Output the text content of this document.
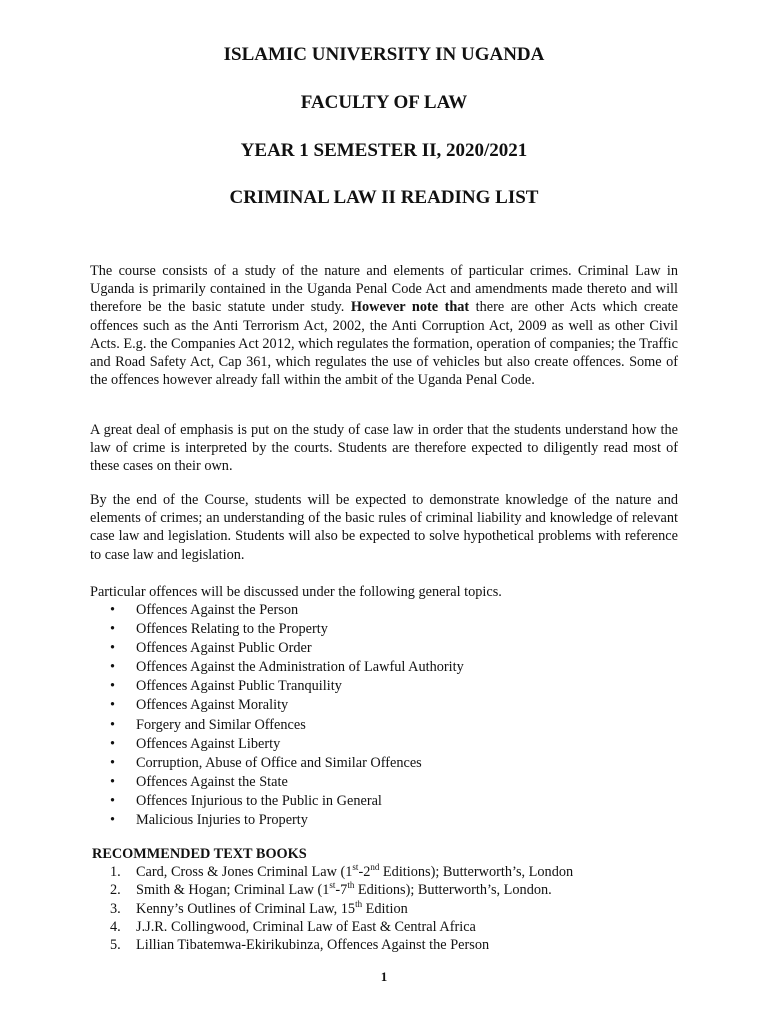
ISLAMIC UNIVERSITY IN UGANDA
FACULTY OF LAW
YEAR 1 SEMESTER II, 2020/2021
CRIMINAL LAW II READING LIST

The course consists of a study of the nature and elements of particular crimes. Criminal Law in Uganda is primarily contained in the Uganda Penal Code Act and amendments made thereto and will therefore be the basic statute under study. However note that there are other Acts which create offences such as the Anti Terrorism Act, 2002, the Anti Corruption Act, 2009 as well as other Civil Acts. E.g. the Companies Act 2012, which regulates the formation, operation of companies; the Traffic and Road Safety Act, Cap 361, which regulates the use of vehicles but also create offences. Some of the offences however already fall within the ambit of the Uganda Penal Code.

A great deal of emphasis is put on the study of case law in order that the students understand how the law of crime is interpreted by the courts. Students are therefore expected to diligently read most of these cases on their own.

By the end of the Course, students will be expected to demonstrate knowledge of the nature and elements of crimes; an understanding of the basic rules of criminal liability and knowledge of relevant case law and legislation. Students will also be expected to solve hypothetical problems with reference to case law and legislation.

Particular offences will be discussed under the following general topics.

• Offences Against the Person
• Offences Relating to the Property
• Offences Against Public Order
• Offences Against the Administration of Lawful Authority
• Offences Against Public Tranquility
• Offences Against Morality
• Forgery and Similar Offences
• Offences Against Liberty
• Corruption, Abuse of Office and Similar Offences
• Offences Against the State
• Offences Injurious to the Public in General
• Malicious Injuries to Property

RECOMMENDED TEXT BOOKS

1. Card, Cross & Jones Criminal Law (1st-2nd Editions); Butterworth’s, London
2. Smith & Hogan; Criminal Law (1st-7th Editions); Butterworth’s, London.
3. Kenny’s Outlines of Criminal Law, 15th Edition
4. J.J.R. Collingwood, Criminal Law of East & Central Africa
5. Lillian Tibatemwa-Ekirikubinza, Offences Against the Person

1
